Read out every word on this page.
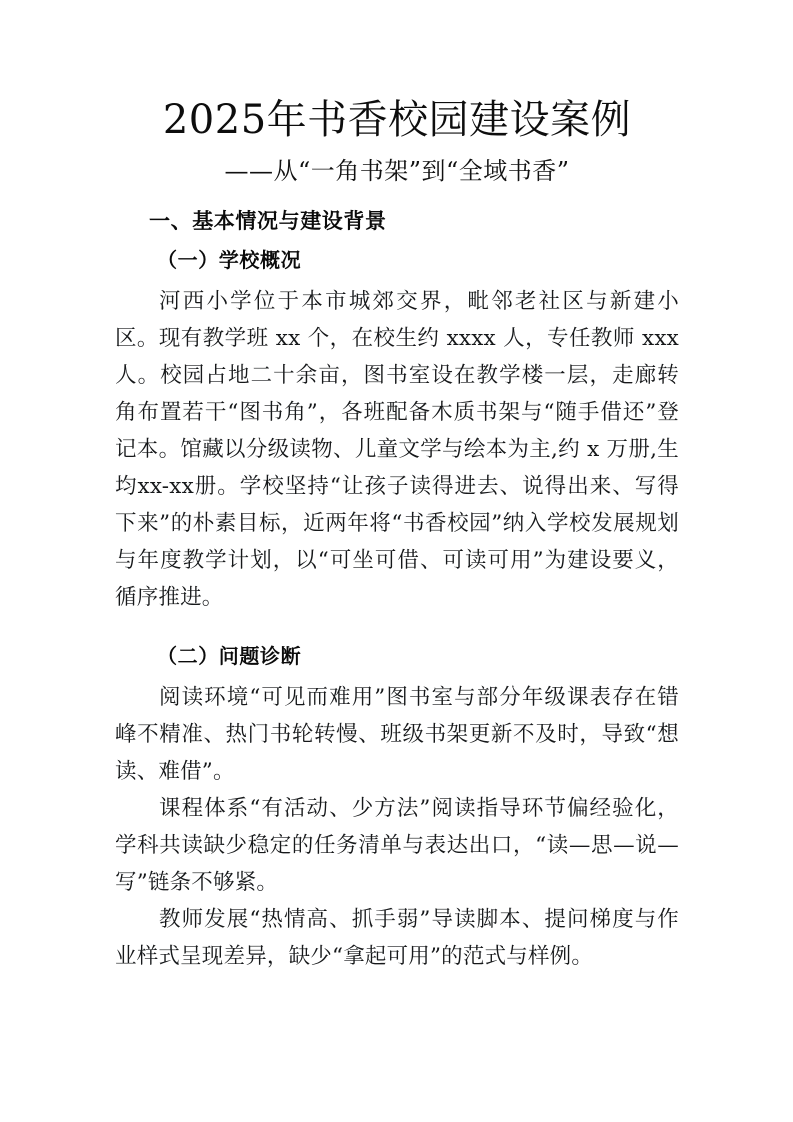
2025年书香校园建设案例

——从“一角书架”到“全域书香”

一、基本情况与建设背景
（一）学校概况

河西小学位于本市城郊交界，毗邻老社区与新建小区。现有教学班 xx 个，在校生约 xxxx 人，专任教师 xxx 人。校园占地二十余亩，图书室设在教学楼一层，走廊转角布置若干“图书角”，各班配备木质书架与“随手借还”登记本。馆藏以分级读物、儿童文学与绘本为主,约 x 万册,生均xx-xx册。学校坚持“让孩子读得进去、说得出来、写得下来”的朴素目标，近两年将“书香校园”纳入学校发展规划与年度教学计划，以“可坐可借、可读可用”为建设要义，循序推进。

（二）问题诊断

阅读环境“可见而难用”图书室与部分年级课表存在错峰不精准、热门书轮转慢、班级书架更新不及时，导致“想读、难借”。

课程体系“有活动、少方法”阅读指导环节偏经验化，学科共读缺少稳定的任务清单与表达出口，“读—思—说—写”链条不够紧。

教师发展“热情高、抓手弱”导读脚本、提问梯度与作业样式呈现差异，缺少“拿起可用”的范式与样例。
